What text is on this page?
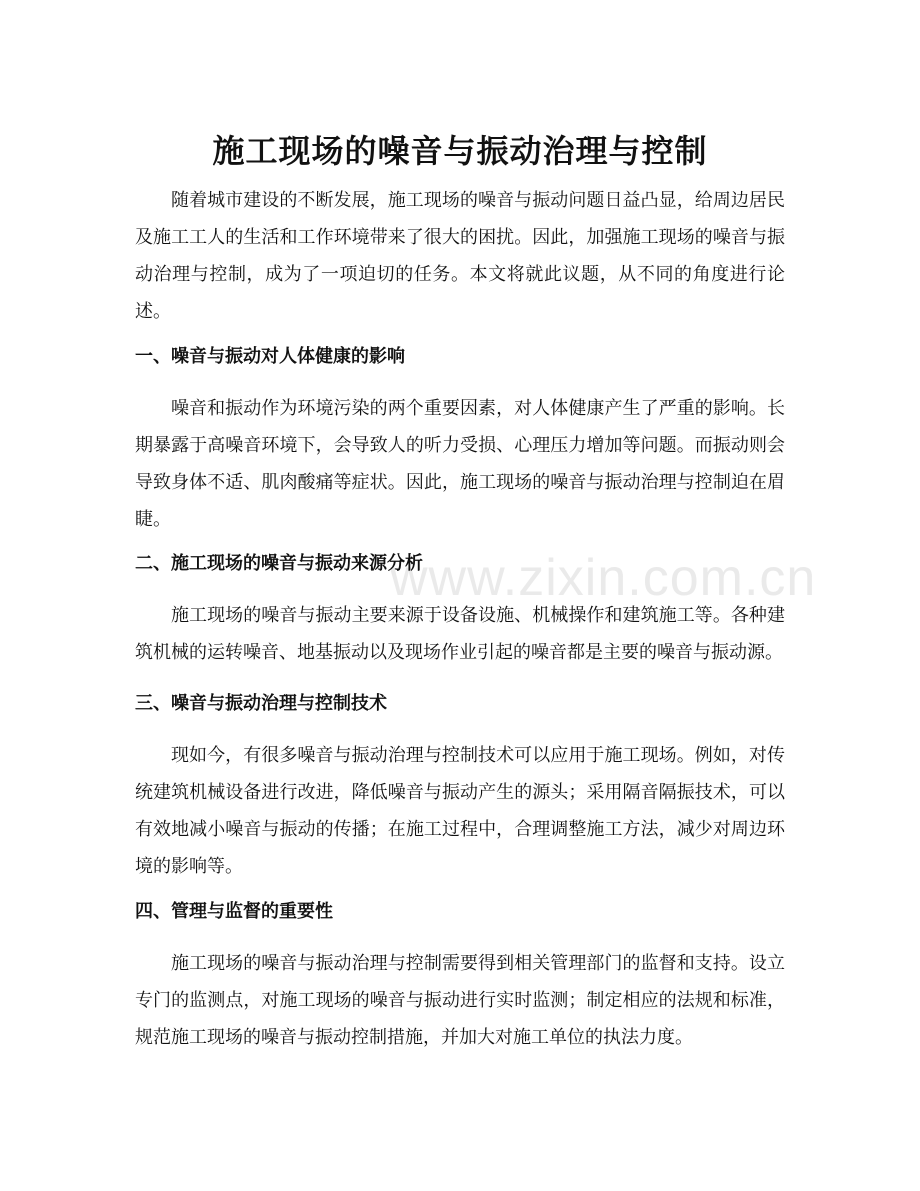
www.zixin.com.cn
施工现场的噪音与振动治理与控制

随着城市建设的不断发展，施工现场的噪音与振动问题日益凸显，给周边居民及施工工人的生活和工作环境带来了很大的困扰。因此，加强施工现场的噪音与振动治理与控制，成为了一项迫切的任务。本文将就此议题，从不同的角度进行论述。

一、噪音与振动对人体健康的影响

噪音和振动作为环境污染的两个重要因素，对人体健康产生了严重的影响。长期暴露于高噪音环境下，会导致人的听力受损、心理压力增加等问题。而振动则会导致身体不适、肌肉酸痛等症状。因此，施工现场的噪音与振动治理与控制迫在眉睫。

二、施工现场的噪音与振动来源分析

施工现场的噪音与振动主要来源于设备设施、机械操作和建筑施工等。各种建筑机械的运转噪音、地基振动以及现场作业引起的噪音都是主要的噪音与振动源。

三、噪音与振动治理与控制技术

现如今，有很多噪音与振动治理与控制技术可以应用于施工现场。例如，对传统建筑机械设备进行改进，降低噪音与振动产生的源头；采用隔音隔振技术，可以有效地减小噪音与振动的传播；在施工过程中，合理调整施工方法，减少对周边环境的影响等。

四、管理与监督的重要性

施工现场的噪音与振动治理与控制需要得到相关管理部门的监督和支持。设立专门的监测点，对施工现场的噪音与振动进行实时监测；制定相应的法规和标准，规范施工现场的噪音与振动控制措施，并加大对施工单位的执法力度。
